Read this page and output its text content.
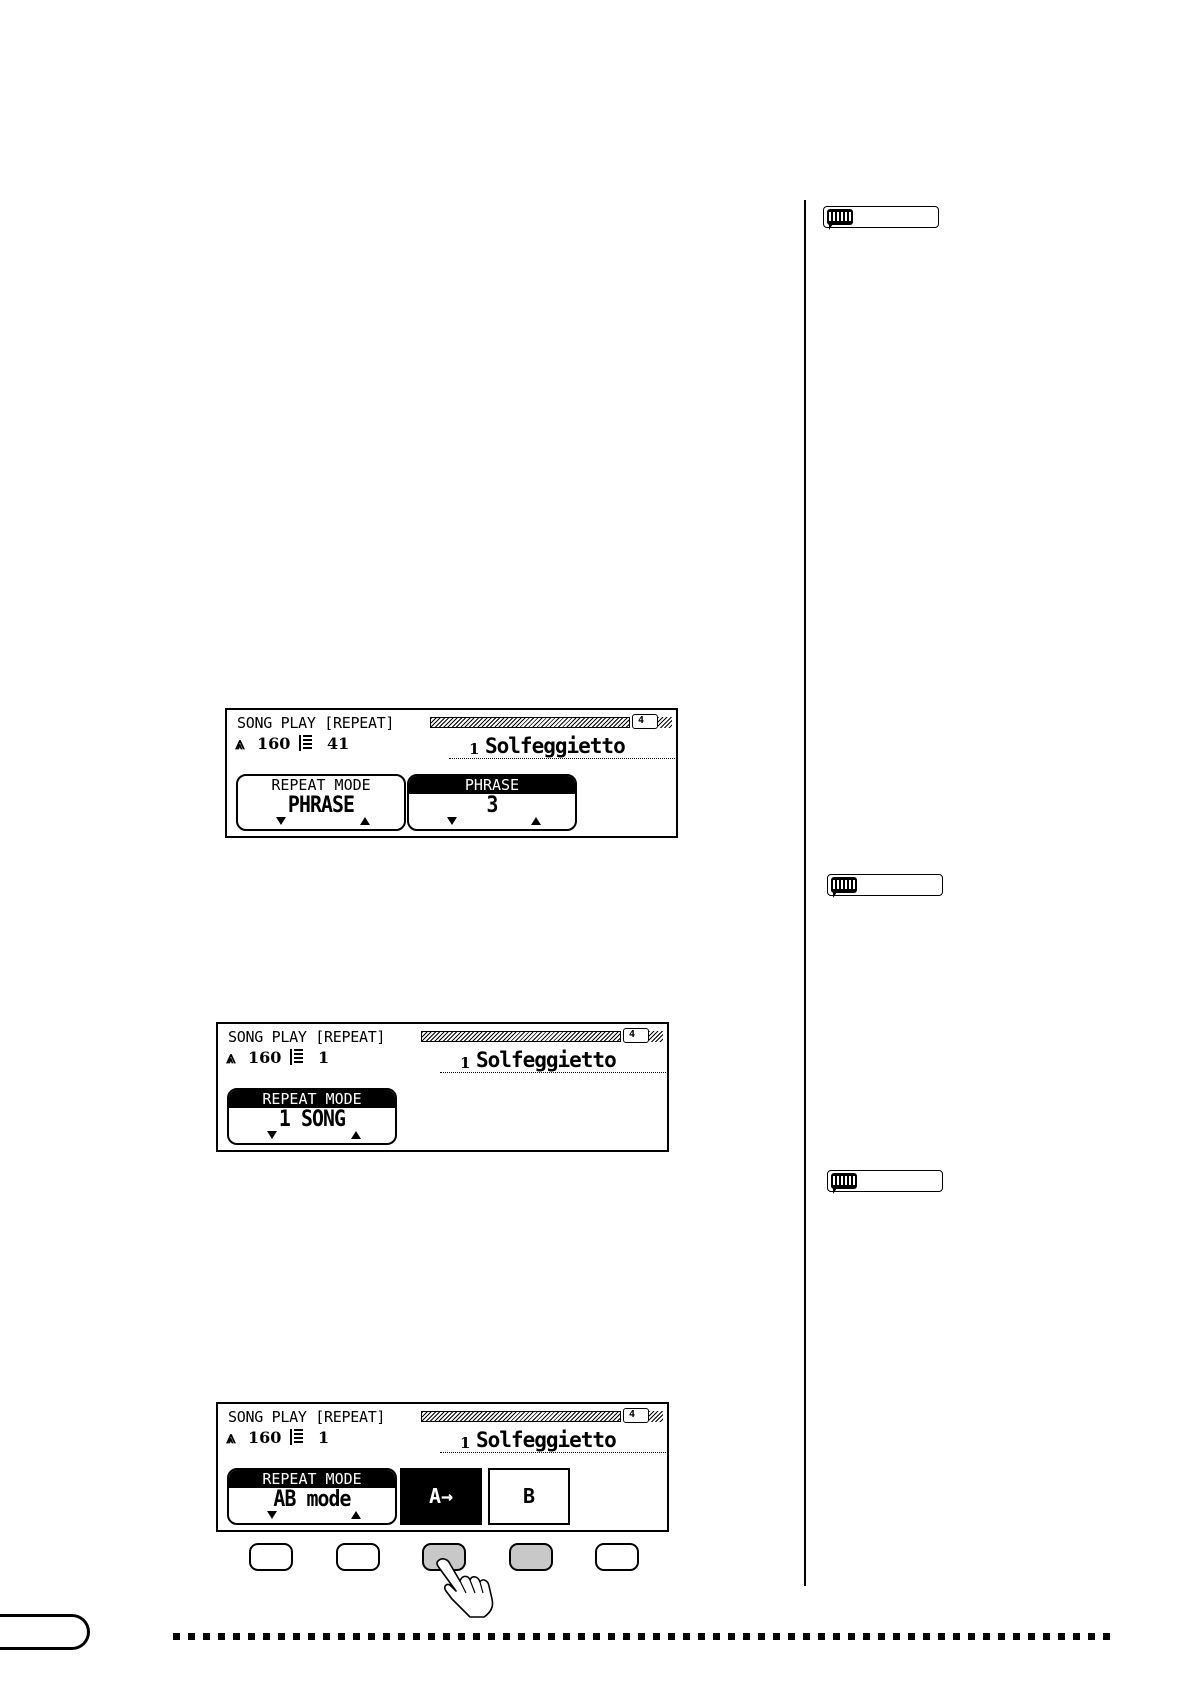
SONG PLAY [REPEAT]	4
⩓ 160 41	1 Solfeggietto
REPEAT MODE
PHRASE
PHRASE
3
SONG PLAY [REPEAT]	4
⩓ 160 1	1 Solfeggietto
REPEAT MODE
1 SONG
SONG PLAY [REPEAT]	4
⩓ 160 1	1 Solfeggietto
REPEAT MODE
AB mode	A→	B
